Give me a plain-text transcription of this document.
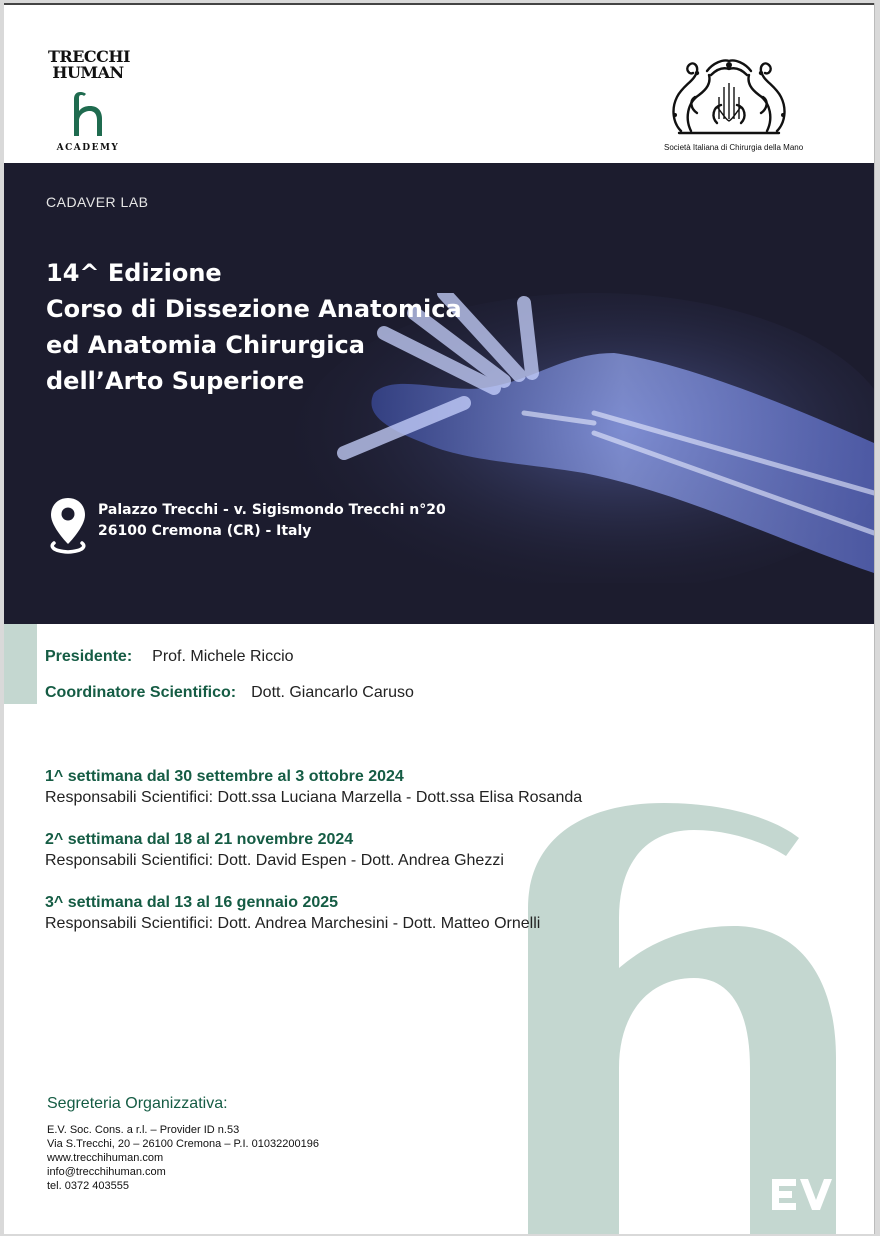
TRECCHI
HUMAN
ACADEMY	Società Italiana di Chirurgia della Mano
CADAVER LAB
14^ Edizione
Corso di Dissezione Anatomica
ed Anatomia Chirurgica
dell’Arto Superiore
Palazzo Trecchi - v. Sigismondo Trecchi n°20
26100 Cremona (CR) - Italy
Presidente: Prof. Michele Riccio
Coordinatore Scientifico: Dott. Giancarlo Caruso
1^ settimana dal 30 settembre al 3 ottobre 2024
Responsabili Scientifici: Dott.ssa Luciana Marzella - Dott.ssa Elisa Rosanda
2^ settimana dal 18 al 21 novembre 2024
Responsabili Scientifici: Dott. David Espen - Dott. Andrea Ghezzi
3^ settimana dal 13 al 16 gennaio 2025
Responsabili Scientifici: Dott. Andrea Marchesini - Dott. Matteo Ornelli
Segreteria Organizzativa:
E.V. Soc. Cons. a r.l. – Provider ID n.53
Via S.Trecchi, 20 – 26100 Cremona – P.I. 01032200196
www.trecchihuman.com
info@trecchihuman.com
tel. 0372 403555
